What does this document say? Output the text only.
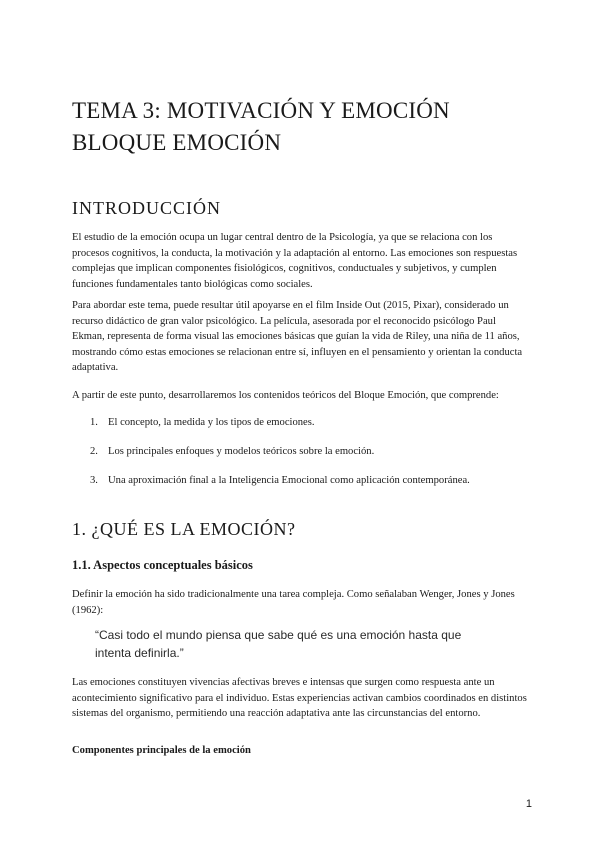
TEMA 3: MOTIVACIÓN Y EMOCIÓN
BLOQUE EMOCIÓN
INTRODUCCIÓN

El estudio de la emoción ocupa un lugar central dentro de la Psicología, ya que se relaciona con los procesos cognitivos, la conducta, la motivación y la adaptación al entorno. Las emociones son respuestas complejas que implican componentes fisiológicos, cognitivos, conductuales y subjetivos, y cumplen funciones fundamentales tanto biológicas como sociales.

Para abordar este tema, puede resultar útil apoyarse en el film Inside Out (2015, Pixar), considerado un recurso didáctico de gran valor psicológico. La película, asesorada por el reconocido psicólogo Paul Ekman, representa de forma visual las emociones básicas que guían la vida de Riley, una niña de 11 años, mostrando cómo estas emociones se relacionan entre sí, influyen en el pensamiento y orientan la conducta adaptativa.

A partir de este punto, desarrollaremos los contenidos teóricos del Bloque Emoción, que comprende:

1. El concepto, la medida y los tipos de emociones.
2. Los principales enfoques y modelos teóricos sobre la emoción.
3. Una aproximación final a la Inteligencia Emocional como aplicación contemporánea.
1. ¿QUÉ ES LA EMOCIÓN?
1.1. Aspectos conceptuales básicos

Definir la emoción ha sido tradicionalmente una tarea compleja. Como señalaban Wenger, Jones y Jones (1962):

“Casi todo el mundo piensa que sabe qué es una emoción hasta que intenta definirla.”

Las emociones constituyen vivencias afectivas breves e intensas que surgen como respuesta ante un acontecimiento significativo para el individuo. Estas experiencias activan cambios coordinados en distintos sistemas del organismo, permitiendo una reacción adaptativa ante las circunstancias del entorno.

Componentes principales de la emoción
1
